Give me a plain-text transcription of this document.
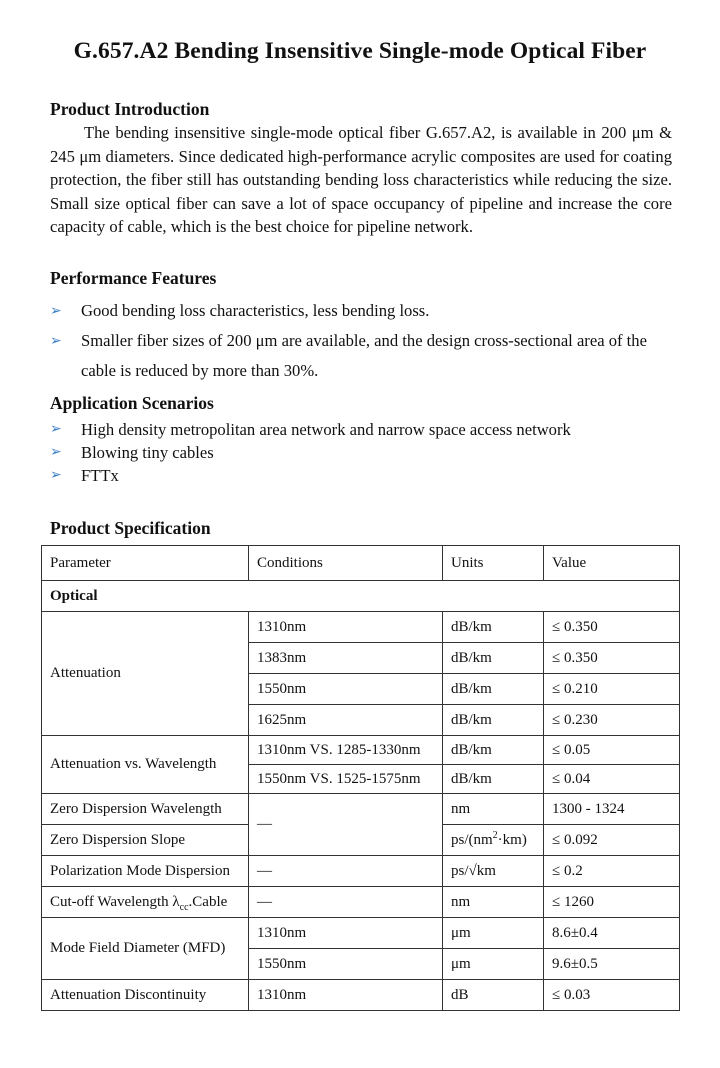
G.657.A2 Bending Insensitive Single-mode Optical Fiber
Product Introduction
The bending insensitive single-mode optical fiber G.657.A2, is available in 200 μm & 245 μm diameters. Since dedicated high-performance acrylic composites are used for coating protection, the fiber still has outstanding bending loss characteristics while reducing the size. Small size optical fiber can save a lot of space occupancy of pipeline and increase the core capacity of cable, which is the best choice for pipeline network.
Performance Features
➢ Good bending loss characteristics, less bending loss.
➢ Smaller fiber sizes of 200 μm are available, and the design cross-sectional area of the cable is reduced by more than 30%.
Application Scenarios
➢ High density metropolitan area network and narrow space access network
➢ Blowing tiny cables
➢ FTTx
Product Specification
Parameter	Conditions	Units	Value
Optical			
Attenuation	1310nm	dB/km	≤ 0.350
	1383nm	dB/km	≤ 0.350
	1550nm	dB/km	≤ 0.210
	1625nm	dB/km	≤ 0.230
Attenuation vs. Wavelength	1310nm VS. 1285-1330nm	dB/km	≤ 0.05
	1550nm VS. 1525-1575nm	dB/km	≤ 0.04
Zero Dispersion Wavelength	—	nm	1300 - 1324
Zero Dispersion Slope		$ps/(nm^2\cdot km)$	≤ 0.092
Polarization Mode Dispersion	—	ps/√km	≤ 0.2
Cut-off Wavelength $\lambda_{cc}.Cable$	—	nm	≤ 1260
Mode Field Diameter (MFD)	1310nm	μm	8.6±0.4
	1550nm	μm	9.6±0.5
Attenuation Discontinuity	1310nm	dB	≤ 0.03
